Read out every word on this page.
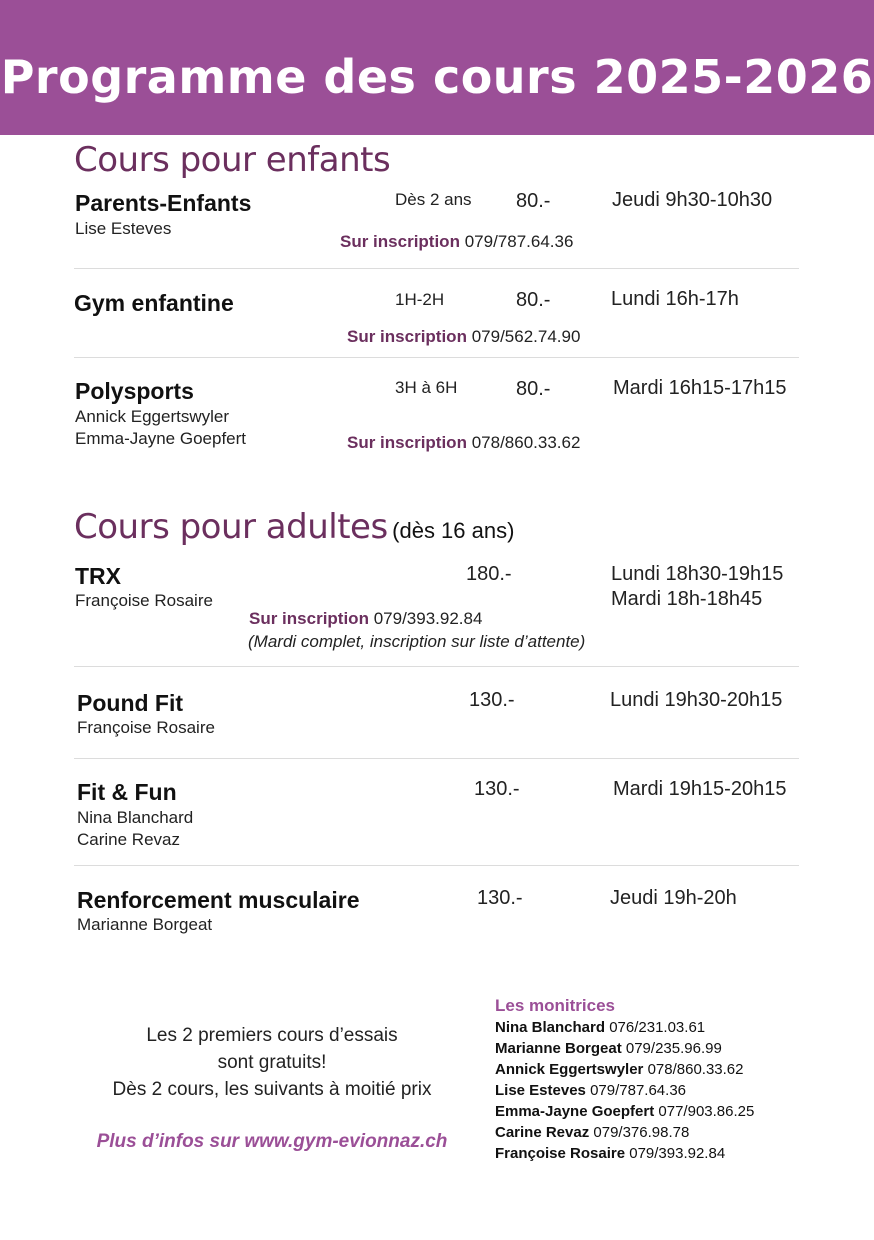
Programme des cours 2025-2026
Cours pour enfants
Parents-Enfants
Lise Esteves
Dès 2 ans 80.-	Jeudi 9h30-10h30
Sur inscription 079/787.64.36
Gym enfantine	1H-2H	80.-	Lundi 16h-17h
Sur inscription 079/562.74.90
Polysports
Annick Eggertswyler
Emma-Jayne Goepfert
3H à 6H	80.-	Mardi 16h15-17h15
Sur inscription 078/860.33.62
Cours pour adultes (dès 16 ans)
TRX
Françoise Rosaire
180.-	Lundi 18h30-19h15
Mardi 18h-18h45
Sur inscription 079/393.92.84
(Mardi complet, inscription sur liste d’attente)
Pound Fit
Françoise Rosaire
130.-	Lundi 19h30-20h15
Fit & Fun
Nina Blanchard
Carine Revaz
130.-	Mardi 19h15-20h15
Renforcement musculaire
Marianne Borgeat
130.-	Jeudi 19h-20h
Les 2 premiers cours d’essais
sont gratuits!
Dès 2 cours, les suivants à moitié prix
Plus d’infos sur www.gym-evionnaz.ch
Les monitrices
Nina Blanchard 076/231.03.61
Marianne Borgeat 079/235.96.99
Annick Eggertswyler 078/860.33.62
Lise Esteves 079/787.64.36
Emma-Jayne Goepfert 077/903.86.25
Carine Revaz 079/376.98.78
Françoise Rosaire 079/393.92.84
